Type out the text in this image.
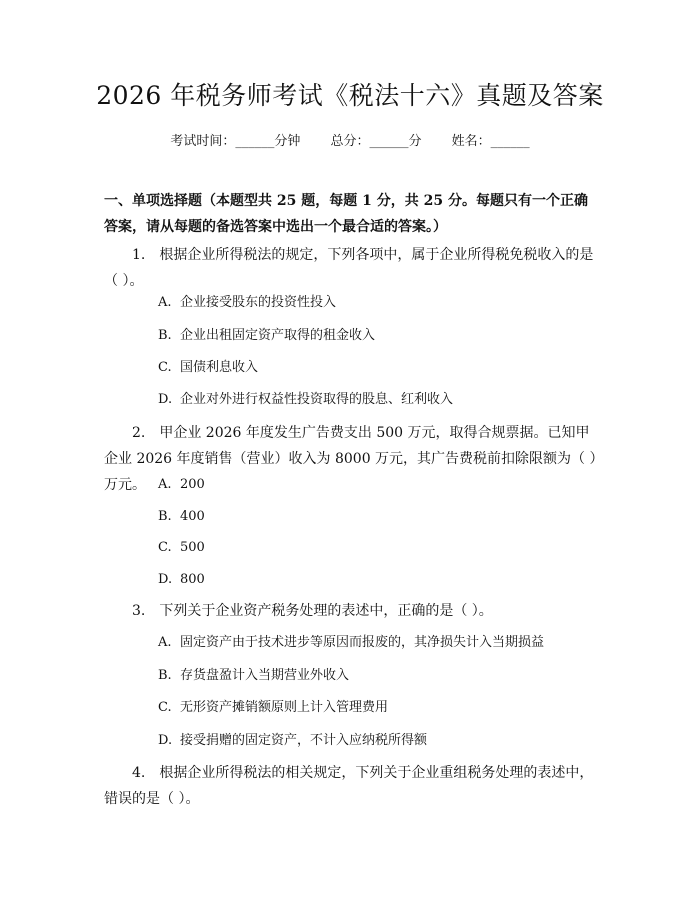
2026 年税务师考试《税法十六》真题及答案
考试时间：______分钟 总分：______分 姓名：______
一、单项选择题（本题型共 25 题，每题 1 分，共 25 分。每题只有一个正确答案，请从每题的备选答案中选出一个最合适的答案。）
1.　根据企业所得税法的规定，下列各项中，属于企业所得税免税收入的是（ ）。
A. 企业接受股东的投资性投入
B. 企业出租固定资产取得的租金收入
C. 国债利息收入
D. 企业对外进行权益性投资取得的股息、红利收入
2.　甲企业 2026 年度发生广告费支出 500 万元，取得合规票据。已知甲企业 2026 年度销售（营业）收入为 8000 万元，其广告费税前扣除限额为（ ）万元。 A. 200
B. 400
C. 500
D. 800
3.　下列关于企业资产税务处理的表述中，正确的是（ ）。
A. 固定资产由于技术进步等原因而报废的，其净损失计入当期损益
B. 存货盘盈计入当期营业外收入
C. 无形资产摊销额原则上计入管理费用
D. 接受捐赠的固定资产，不计入应纳税所得额
4.　根据企业所得税法的相关规定，下列关于企业重组税务处理的表述中，错误的是（ ）。
